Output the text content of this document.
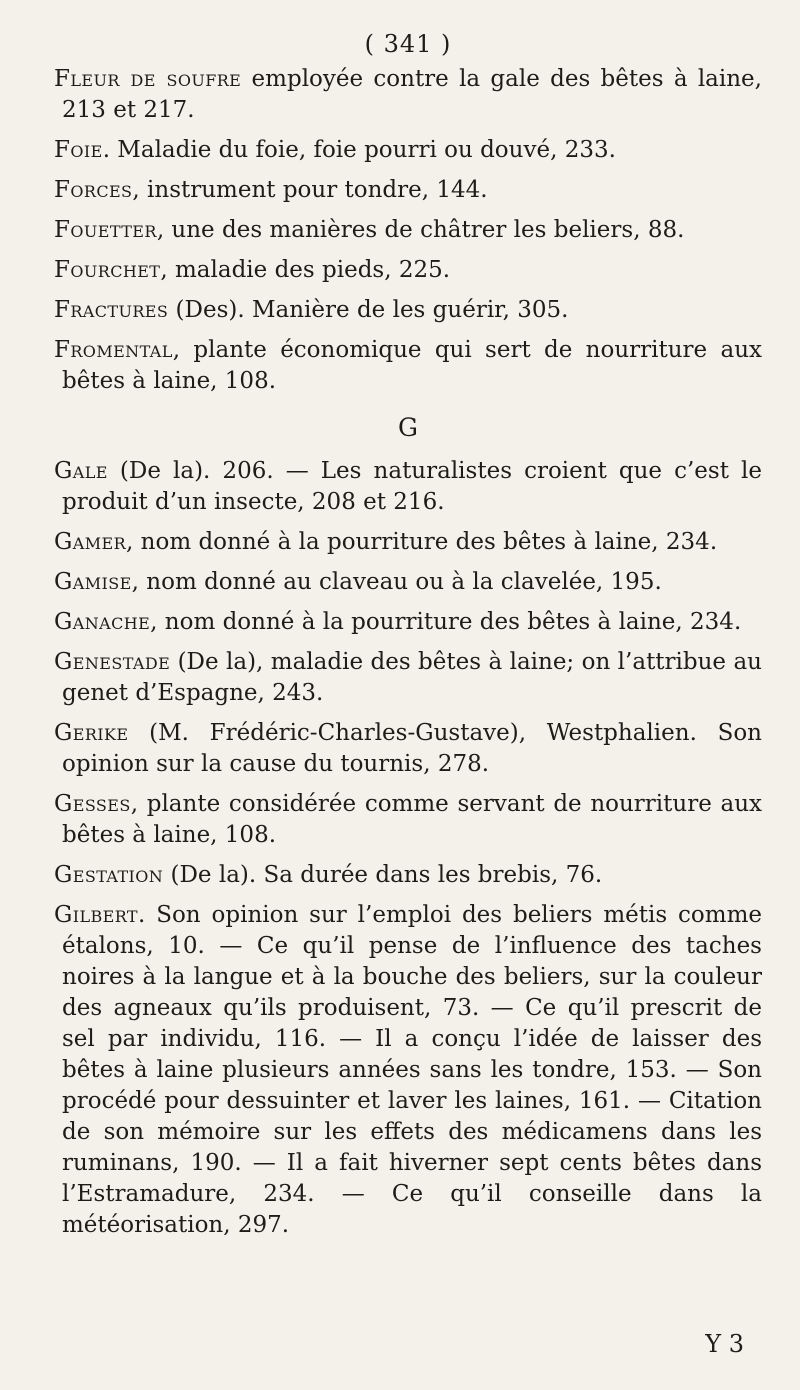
( 341 )

Fleur de soufre employée contre la gale des bêtes à laine, 213 et 217.

Foie. Maladie du foie, foie pourri ou douvé, 233.

Forces, instrument pour tondre, 144.

Fouetter, une des manières de châtrer les beliers, 88.

Fourchet, maladie des pieds, 225.

Fractures (Des). Manière de les guérir, 305.

Fromental, plante économique qui sert de nourriture aux bêtes à laine, 108.

G

Gale (De la). 206. — Les naturalistes croient que c’est le produit d’un insecte, 208 et 216.

Gamer, nom donné à la pourriture des bêtes à laine, 234.

Gamise, nom donné au claveau ou à la clavelée, 195.

Ganache, nom donné à la pourriture des bêtes à laine, 234.

Genestade (De la), maladie des bêtes à laine; on l’attribue au genet d’Espagne, 243.

Gerike (M. Frédéric-Charles-Gustave), Westphalien. Son opinion sur la cause du tournis, 278.

Gesses, plante considérée comme servant de nourriture aux bêtes à laine, 108.

Gestation (De la). Sa durée dans les brebis, 76.

Gilbert. Son opinion sur l’emploi des beliers métis comme étalons, 10. — Ce qu’il pense de l’influence des taches noires à la langue et à la bouche des beliers, sur la couleur des agneaux qu’ils produisent, 73. — Ce qu’il prescrit de sel par individu, 116. — Il a conçu l’idée de laisser des bêtes à laine plusieurs années sans les tondre, 153. — Son procédé pour dessuinter et laver les laines, 161. — Citation de son mémoire sur les effets des médicamens dans les ruminans, 190. — Il a fait hiverner sept cents bêtes dans l’Estramadure, 234. — Ce qu’il conseille dans la météorisation, 297.

Y 3
